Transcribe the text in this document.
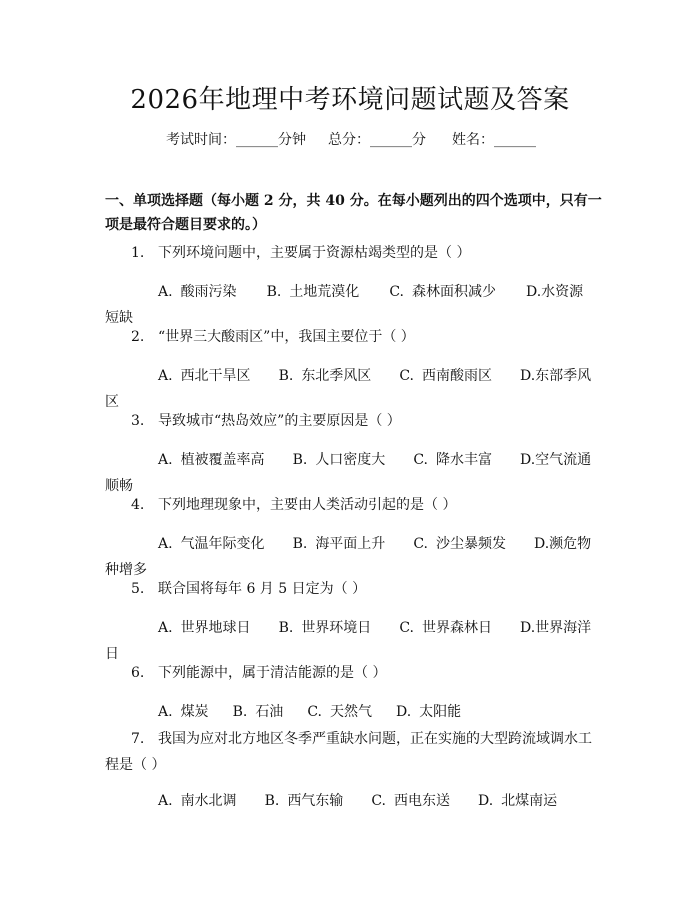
2026年地理中考环境问题试题及答案
考试时间：______分钟 总分：______分 姓名：______
一、单项选择题（每小题 2 分，共 40 分。在每小题列出的四个选项中，只有一项是最符合题目要求的。）
1. 下列环境问题中，主要属于资源枯竭类型的是（ ）
A. 酸雨污染 B. 土地荒漠化 C. 森林面积减少 D.水资源短缺
2. “世界三大酸雨区”中，我国主要位于（ ）
A. 西北干旱区 B. 东北季风区 C. 西南酸雨区 D.东部季风区
3. 导致城市“热岛效应”的主要原因是（ ）
A. 植被覆盖率高 B. 人口密度大 C. 降水丰富 D.空气流通顺畅
4. 下列地理现象中，主要由人类活动引起的是（ ）
A. 气温年际变化 B. 海平面上升 C. 沙尘暴频发 D.濒危物种增多
5. 联合国将每年 6 月 5 日定为（ ）
A. 世界地球日 B. 世界环境日 C. 世界森林日 D.世界海洋日
6. 下列能源中，属于清洁能源的是（ ）
A. 煤炭 B. 石油 C. 天然气 D. 太阳能
7. 我国为应对北方地区冬季严重缺水问题，正在实施的大型跨流域调水工程是（ ）
A. 南水北调 B. 西气东输 C. 西电东送 D. 北煤南运
